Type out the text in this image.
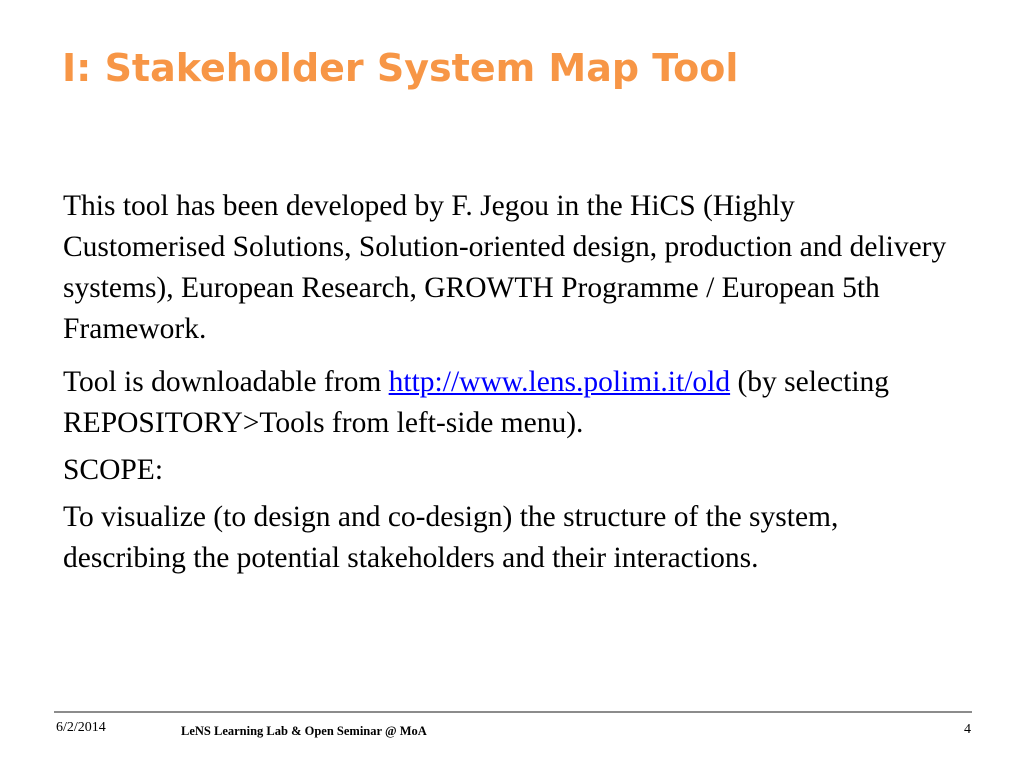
I: Stakeholder System Map Tool

This tool has been developed by F. Jegou in the HiCS (Highly Customerised Solutions, Solution-oriented design, production and delivery systems), European Research, GROWTH Programme / European 5th Framework.

Tool is downloadable from http://www.lens.polimi.it/old (by selecting REPOSITORY>Tools from left-side menu).

SCOPE:

To visualize (to design and co-design) the structure of the system, describing the potential stakeholders and their interactions.

6/2/2014	LeNS Learning Lab & Open Seminar @ MoA	4
